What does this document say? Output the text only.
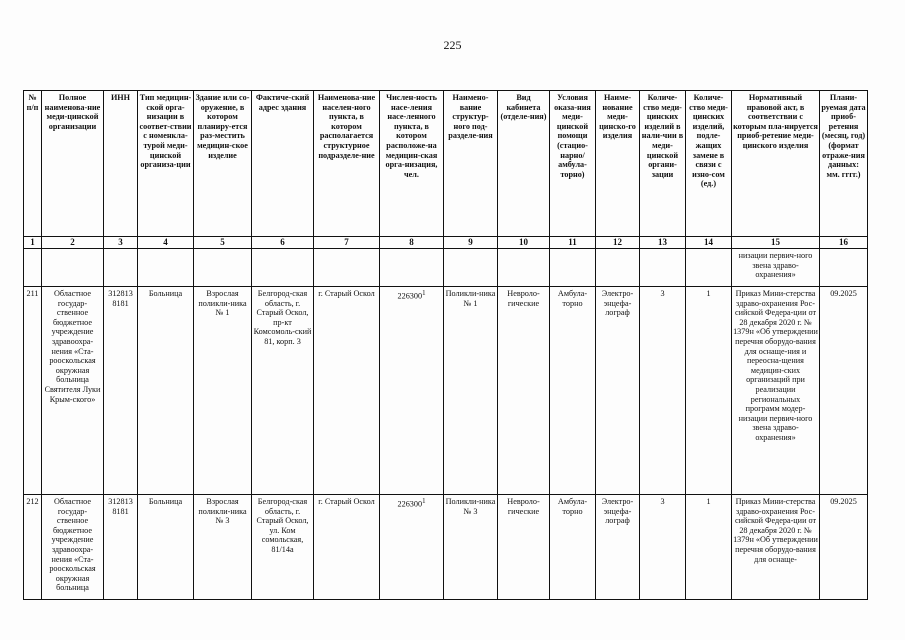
225
№ п/п	Полное наименова-ние меди-цинской организации	ИНН	Тип медицин-ской орга-низации в соответ-ствии с номенкла-турой меди-цинской организа-ции	Здание или со-оружение, в котором планиру-ется раз-местить медицин-ское изделие	Фактиче-ский адрес здания	Наименова-ние населен-ного пункта, в котором располагается структурное подразделе-ние	Числен-ность насе-ления насе-ленного пункта, в котором расположе-на медицин-ская орга-низация, чел.	Наимено-вание структур-ного под-разделе-ния	Вид кабинета (отделе-ния)	Условия оказа-ния меди-цинской помощи (стацио-нарно/ амбула-торно)	Наиме-нование меди-цинско-го изделия	Количе-ство меди-цинских изделий в нали-чии в меди-цинской органи-зации	Количе-ство меди-цинских изделий, подле-жащих замене в связи с изно-сом (ед.)	Нормативный правовой акт, в соответствии с которым пла-нируется приоб-ретение меди-цинского изделия	Плани-руемая дата приоб-ретения (месяц, год) (формат отраже-ния данных: мм. гггг.)
1	2	3	4	5	6	7	8	9	10	11	12	13	14	15	16
														низации первич-ного звена здраво-охранения»	
211	Областное государ-ственное бюджетное учреждение здравоохра-нения «Ста-рооскольская окружная больница Святителя Луки Крым-ского»	312813 8181	Больница	Взрослая поликли-ника № 1	Белгород-ская область, г. Старый Оскол, пр-кт Комсомоль-ский 81, корп. 3	г. Старый Оскол	226300$^1$	Поликли-ника № 1	Невроло-гические	Амбула-торно	Электро-энцефа-лограф	3	1	Приказ Мини-стерства здраво-охранения Рос-сийской Федера-ции от 28 декабря 2020 г. № 1379н «Об утверждении перечня оборудо-вания для оснаще-ния и переосна-щения медицин-ских организаций при реализации региональных программ модер-низации первич-ного звена здраво-охранения»	09.2025
212	Областное государ-ственное бюджетное учреждение здравоохра-нения «Ста-рооскольская окружная больница	312813 8181	Больница	Взрослая поликли-ника № 3	Белгород-ская область, г. Старый Оскол, ул. Ком сомольская, 81/14а	г. Старый Оскол	226300$^1$	Поликли-ника № 3	Невроло-гические	Амбула-торно	Электро-энцефа-лограф	3	1	Приказ Мини-стерства здраво-охранения Рос-сийской Федера-ции от 28 декабря 2020 г. № 1379н «Об утверждении перечня оборудо-вания для оснаще-	09.2025
